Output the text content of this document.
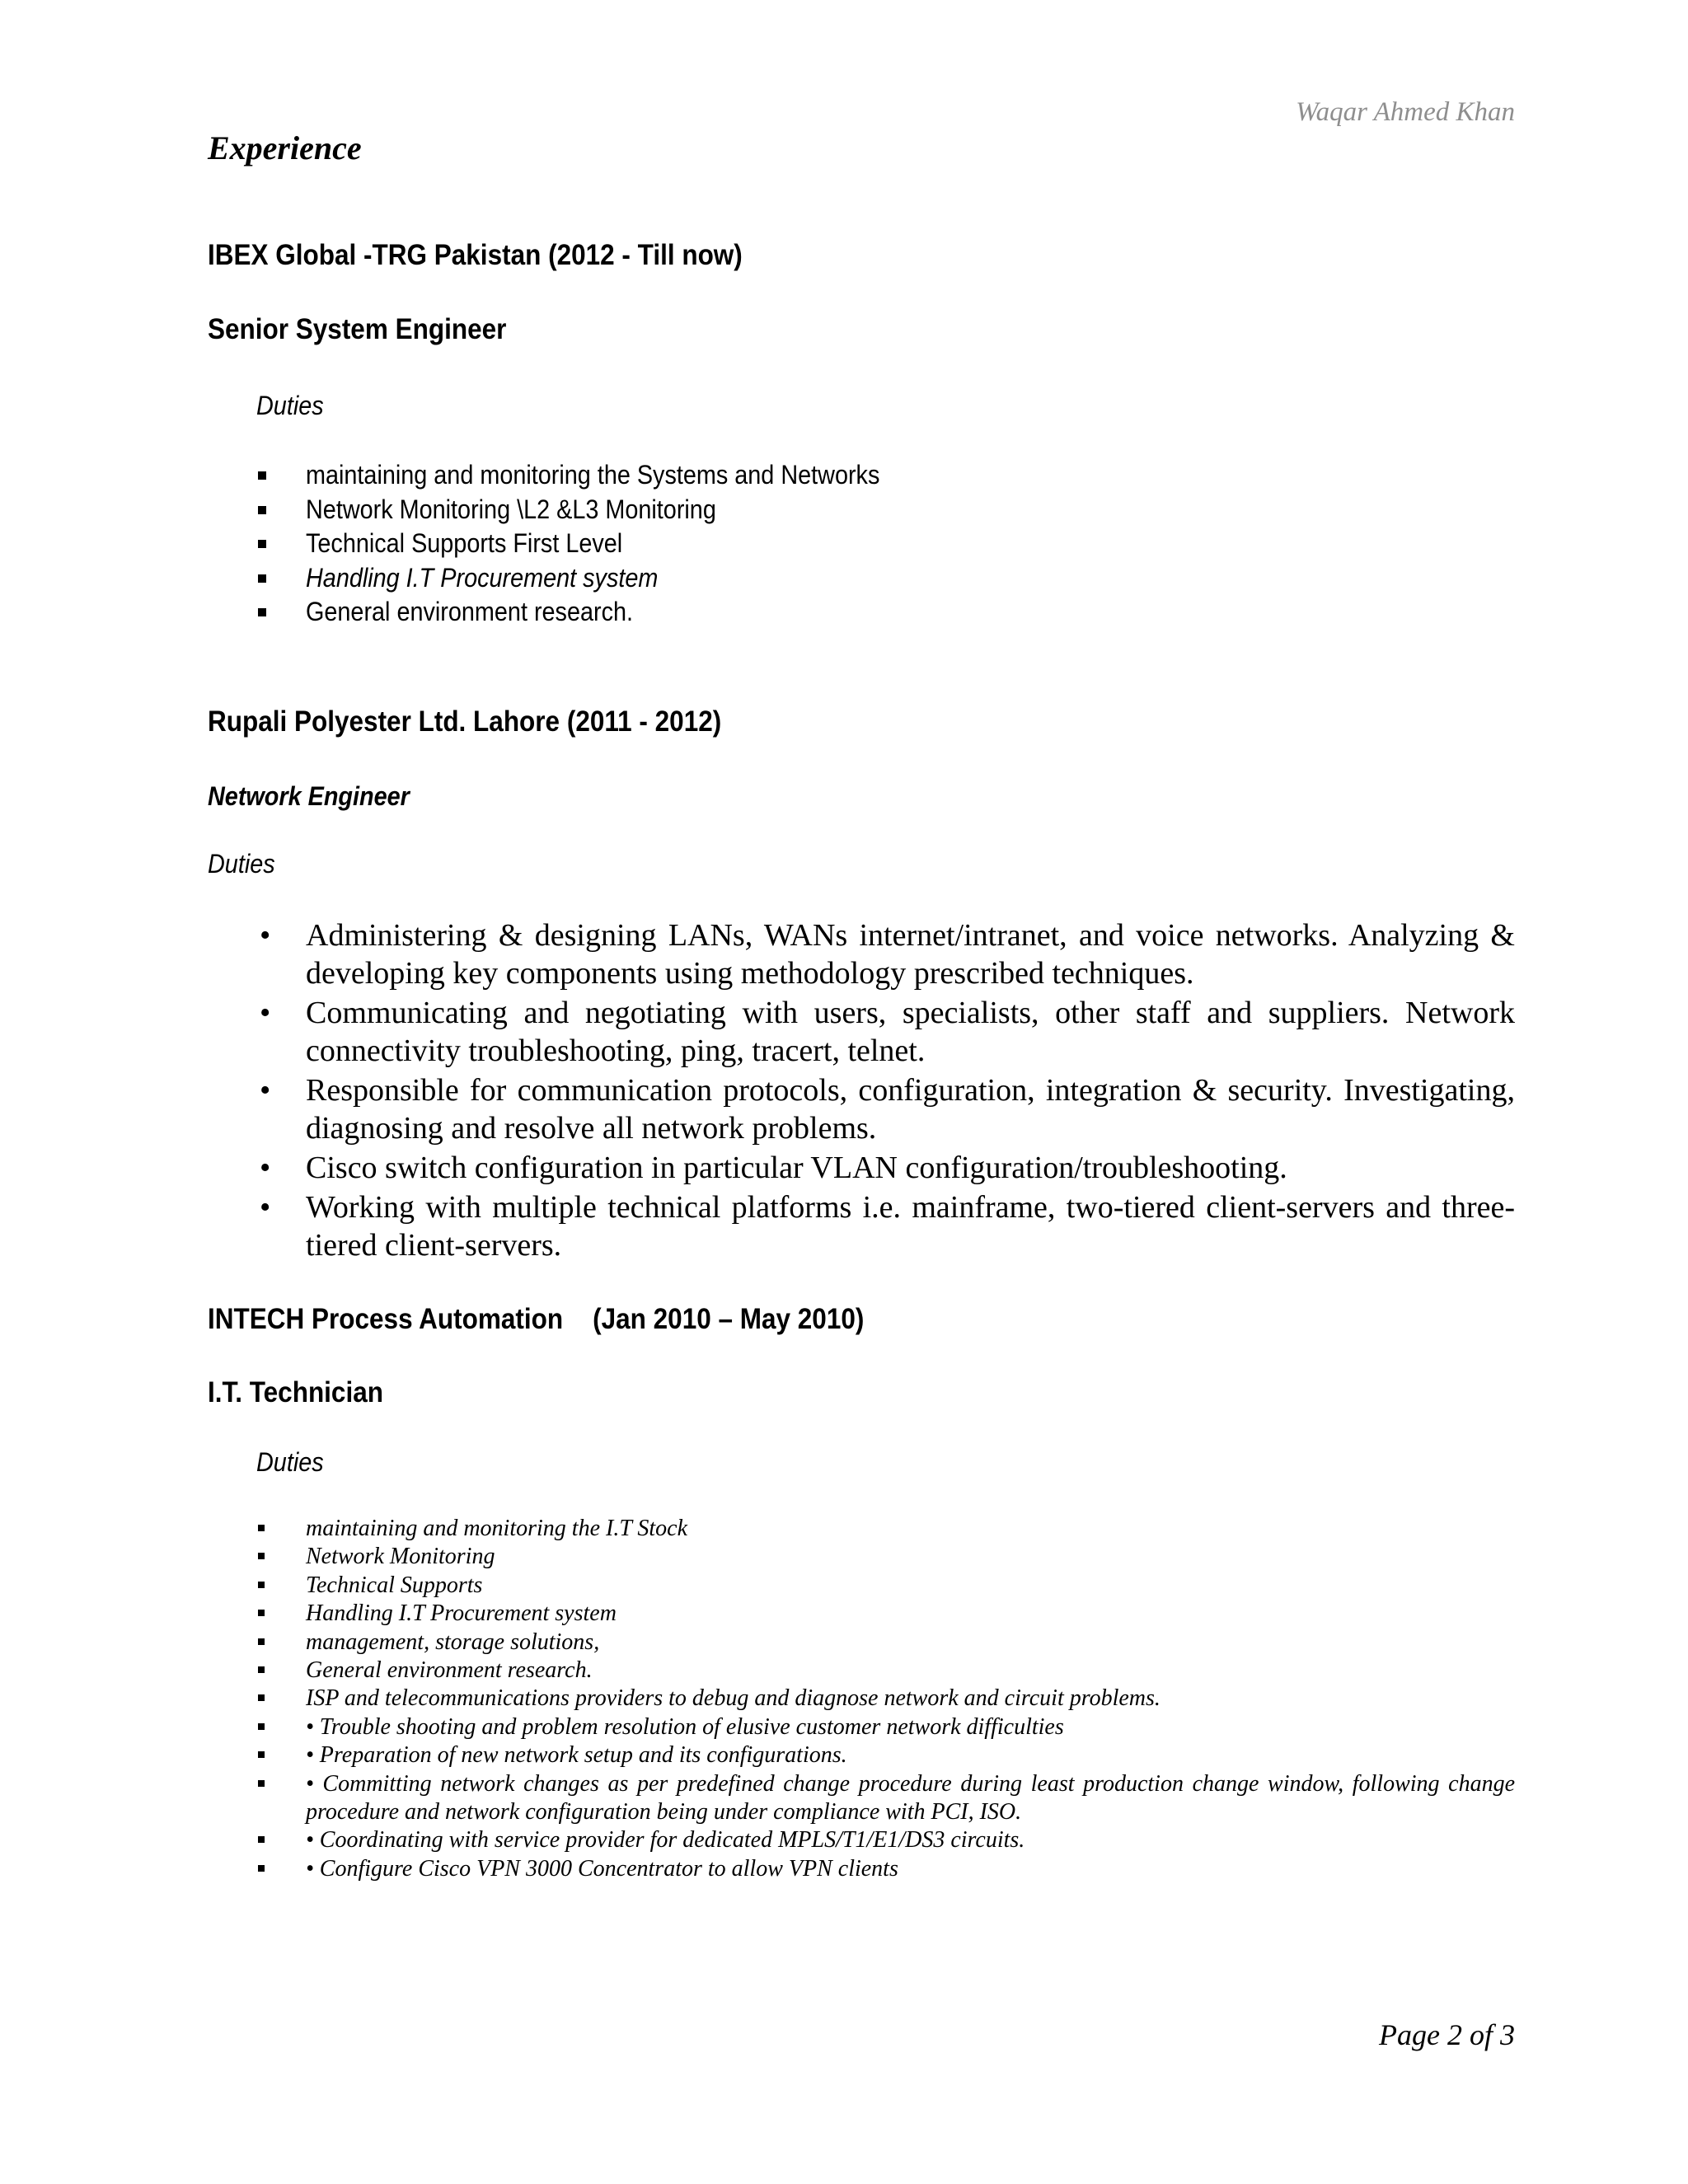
Waqar Ahmed Khan
Experience
IBEX Global -TRG Pakistan (2012 - Till now)
Senior System Engineer
Duties
maintaining and monitoring the Systems and Networks
Network Monitoring \L2 &L3 Monitoring
Technical Supports First Level
Handling I.T Procurement system
General environment research.
Rupali Polyester Ltd. Lahore (2011 - 2012)
Network Engineer
Duties
• Administering & designing LANs, WANs internet/intranet, and voice networks. Analyzing & developing key components using methodology prescribed techniques.
• Communicating and negotiating with users, specialists, other staff and suppliers. Network connectivity troubleshooting, ping, tracert, telnet.
• Responsible for communication protocols, configuration, integration & security. Investigating, diagnosing and resolve all network problems.
• Cisco switch configuration in particular VLAN configuration/troubleshooting.
• Working with multiple technical platforms i.e. mainframe, two-tiered client-servers and three-tiered client-servers.
INTECH Process Automation (Jan 2010 – May 2010)
I.T. Technician
Duties
maintaining and monitoring the I.T Stock
Network Monitoring
Technical Supports
Handling I.T Procurement system
management, storage solutions,
General environment research.
ISP and telecommunications providers to debug and diagnose network and circuit problems.
• Trouble shooting and problem resolution of elusive customer network difficulties
• Preparation of new network setup and its configurations.
• Committing network changes as per predefined change procedure during least production change window, following change procedure and network configuration being under compliance with PCI, ISO.
• Coordinating with service provider for dedicated MPLS/T1/E1/DS3 circuits.
• Configure Cisco VPN 3000 Concentrator to allow VPN clients
Page 2 of 3
